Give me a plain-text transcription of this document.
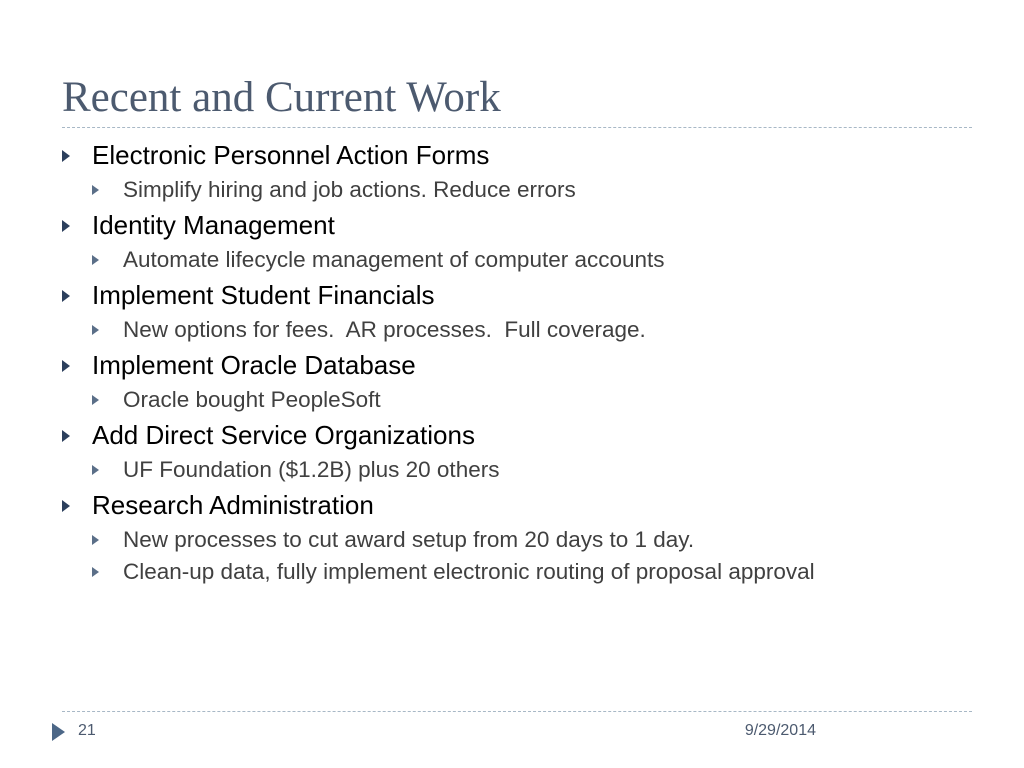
Recent and Current Work
Electronic Personnel Action Forms
Simplify hiring and job actions. Reduce errors
Identity Management
Automate lifecycle management of computer accounts
Implement Student Financials
New options for fees.  AR processes.  Full coverage.
Implement Oracle Database
Oracle bought PeopleSoft
Add Direct Service Organizations
UF Foundation ($1.2B) plus 20 others
Research Administration
New processes to cut award setup from 20 days to 1 day.
Clean-up data, fully implement electronic routing of proposal approval
21	9/29/2014
